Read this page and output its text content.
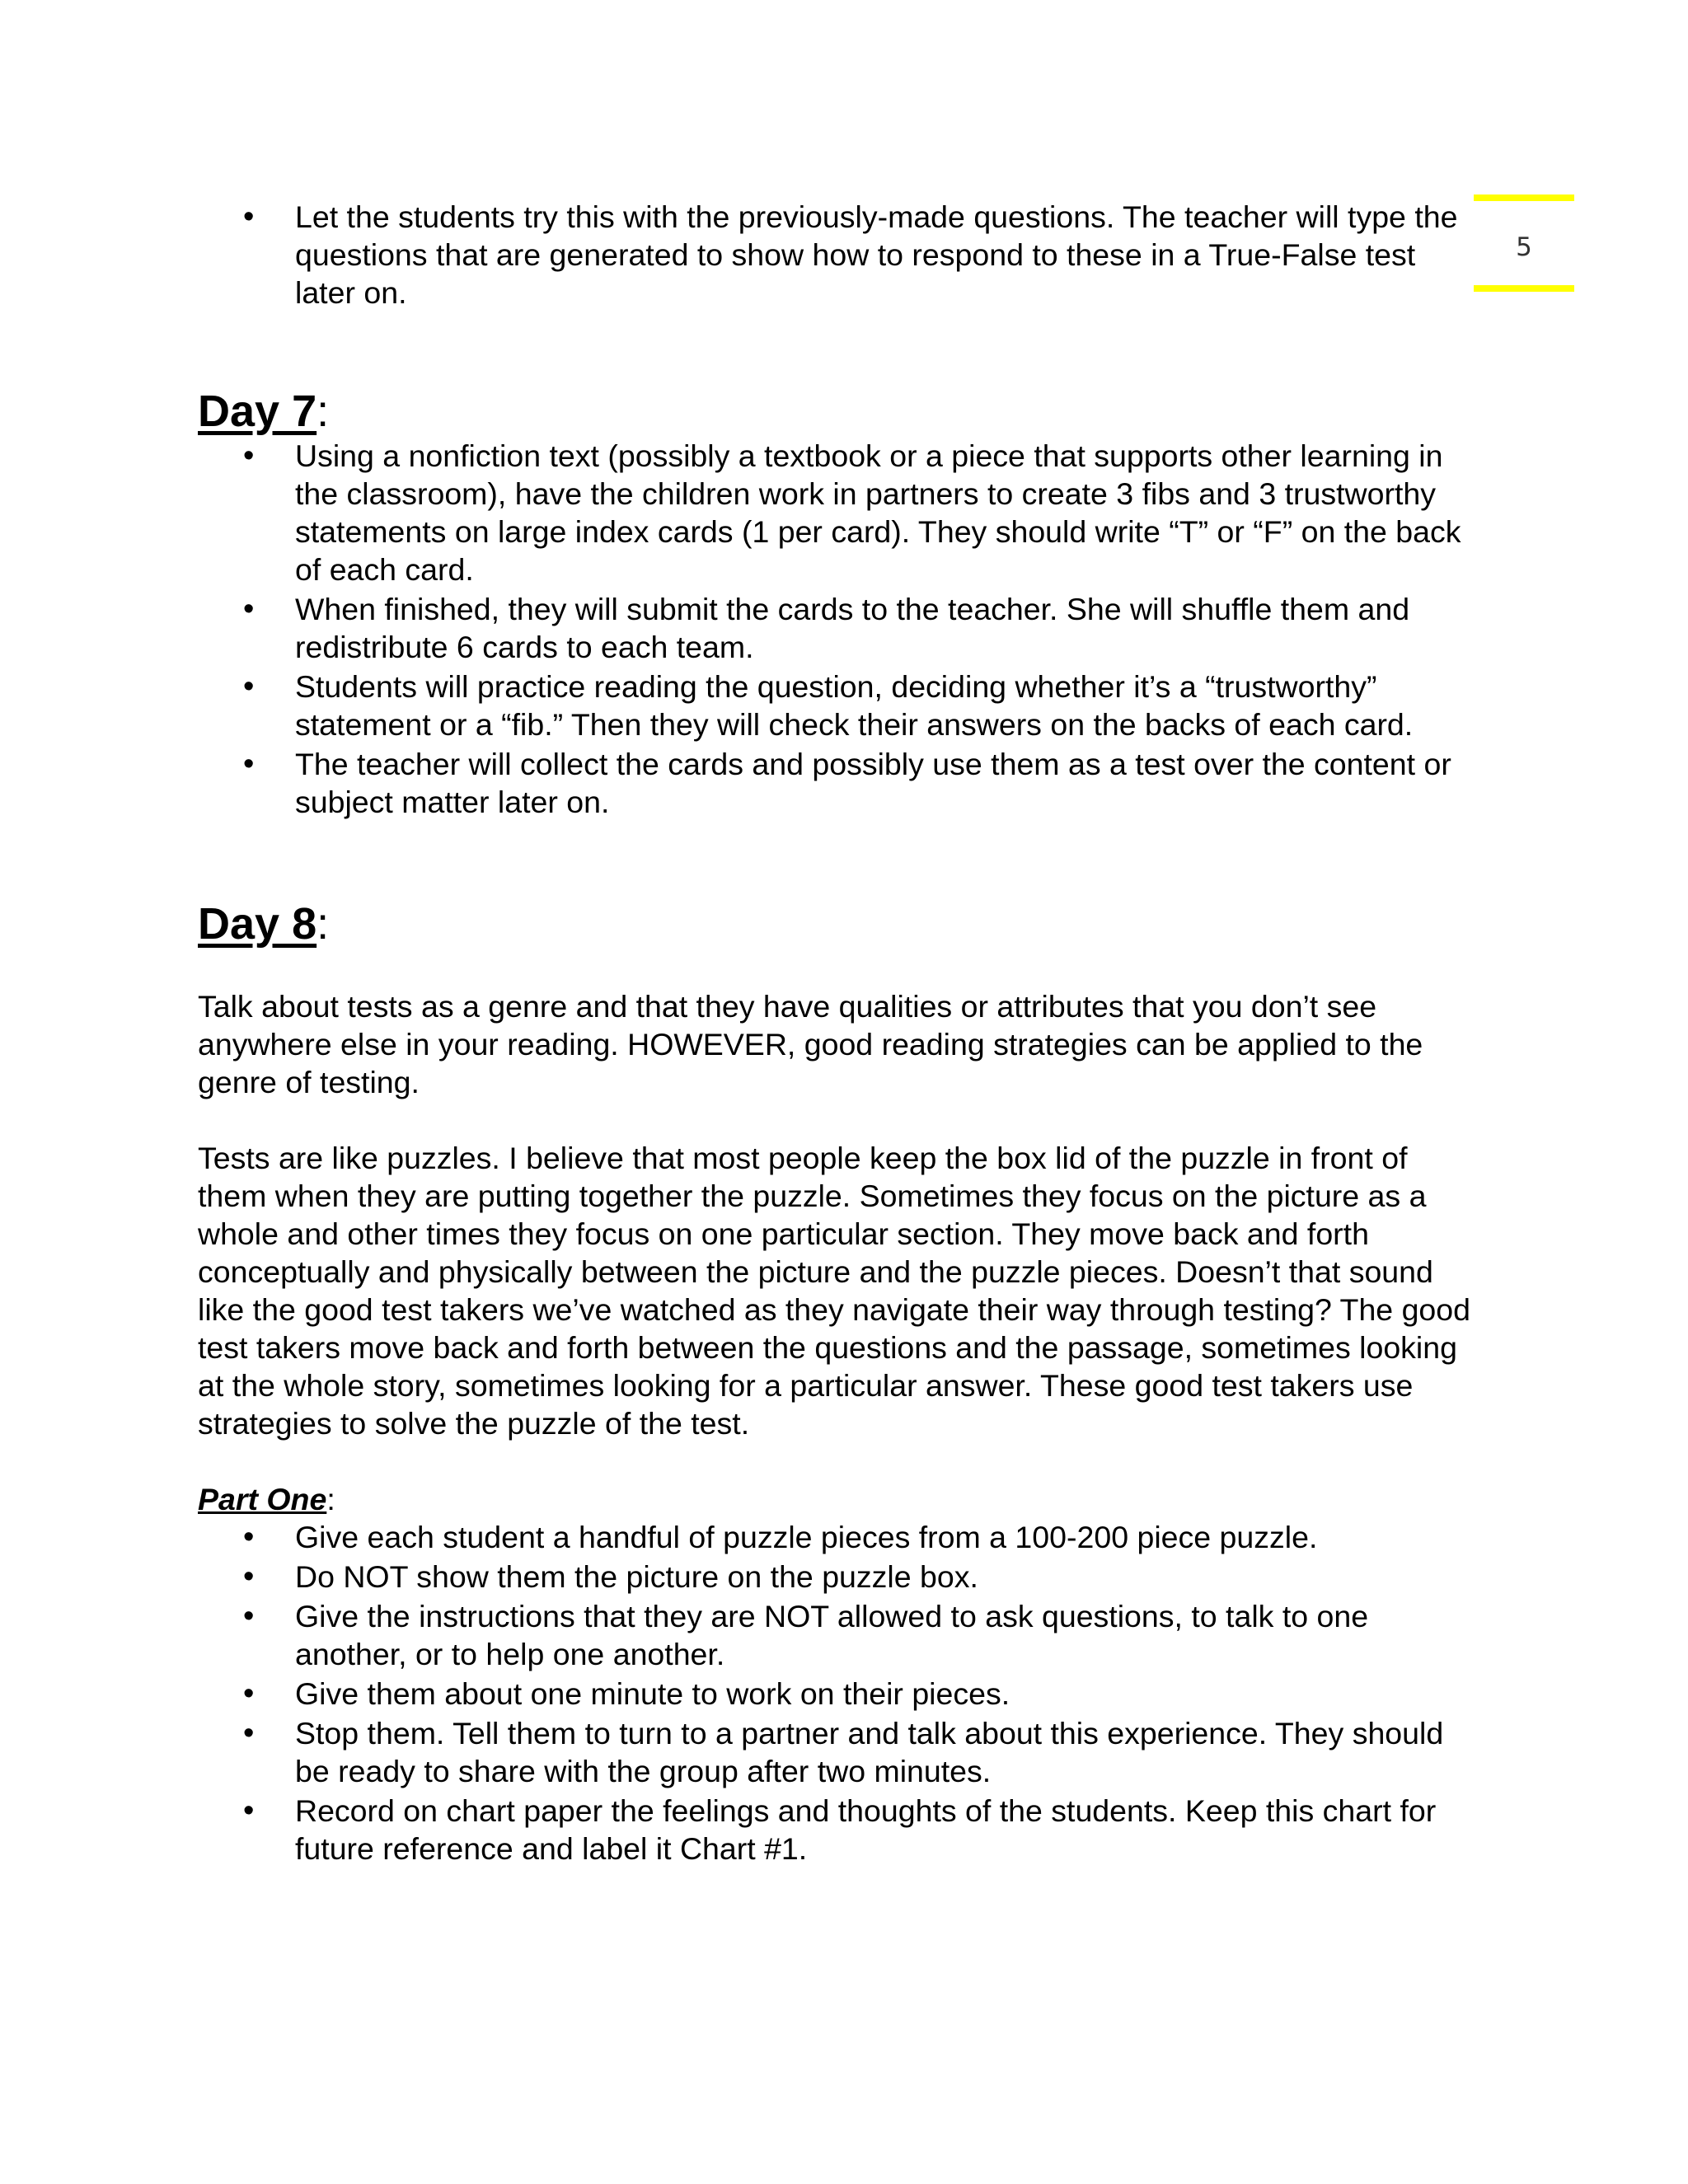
5
• Let the students try this with the previously-made questions. The teacher will type the questions that are generated to show how to respond to these in a True-False test later on.
Day 7:
• Using a nonfiction text (possibly a textbook or a piece that supports other learning in the classroom), have the children work in partners to create 3 fibs and 3 trustworthy statements on large index cards (1 per card). They should write “T” or “F” on the back of each card.
• When finished, they will submit the cards to the teacher. She will shuffle them and redistribute 6 cards to each team.
• Students will practice reading the question, deciding whether it’s a “trustworthy” statement or a “fib.” Then they will check their answers on the backs of each card.
• The teacher will collect the cards and possibly use them as a test over the content or subject matter later on.
Day 8:

Talk about tests as a genre and that they have qualities or attributes that you don’t see anywhere else in your reading. HOWEVER, good reading strategies can be applied to the genre of testing.

Tests are like puzzles. I believe that most people keep the box lid of the puzzle in front of them when they are putting together the puzzle. Sometimes they focus on the picture as a whole and other times they focus on one particular section. They move back and forth conceptually and physically between the picture and the puzzle pieces. Doesn’t that sound like the good test takers we’ve watched as they navigate their way through testing? The good test takers move back and forth between the questions and the passage, sometimes looking at the whole story, sometimes looking for a particular answer. These good test takers use strategies to solve the puzzle of the test.

Part One:
• Give each student a handful of puzzle pieces from a 100-200 piece puzzle.
• Do NOT show them the picture on the puzzle box.
• Give the instructions that they are NOT allowed to ask questions, to talk to one another, or to help one another.
• Give them about one minute to work on their pieces.
• Stop them. Tell them to turn to a partner and talk about this experience. They should be ready to share with the group after two minutes.
• Record on chart paper the feelings and thoughts of the students. Keep this chart for future reference and label it Chart #1.
